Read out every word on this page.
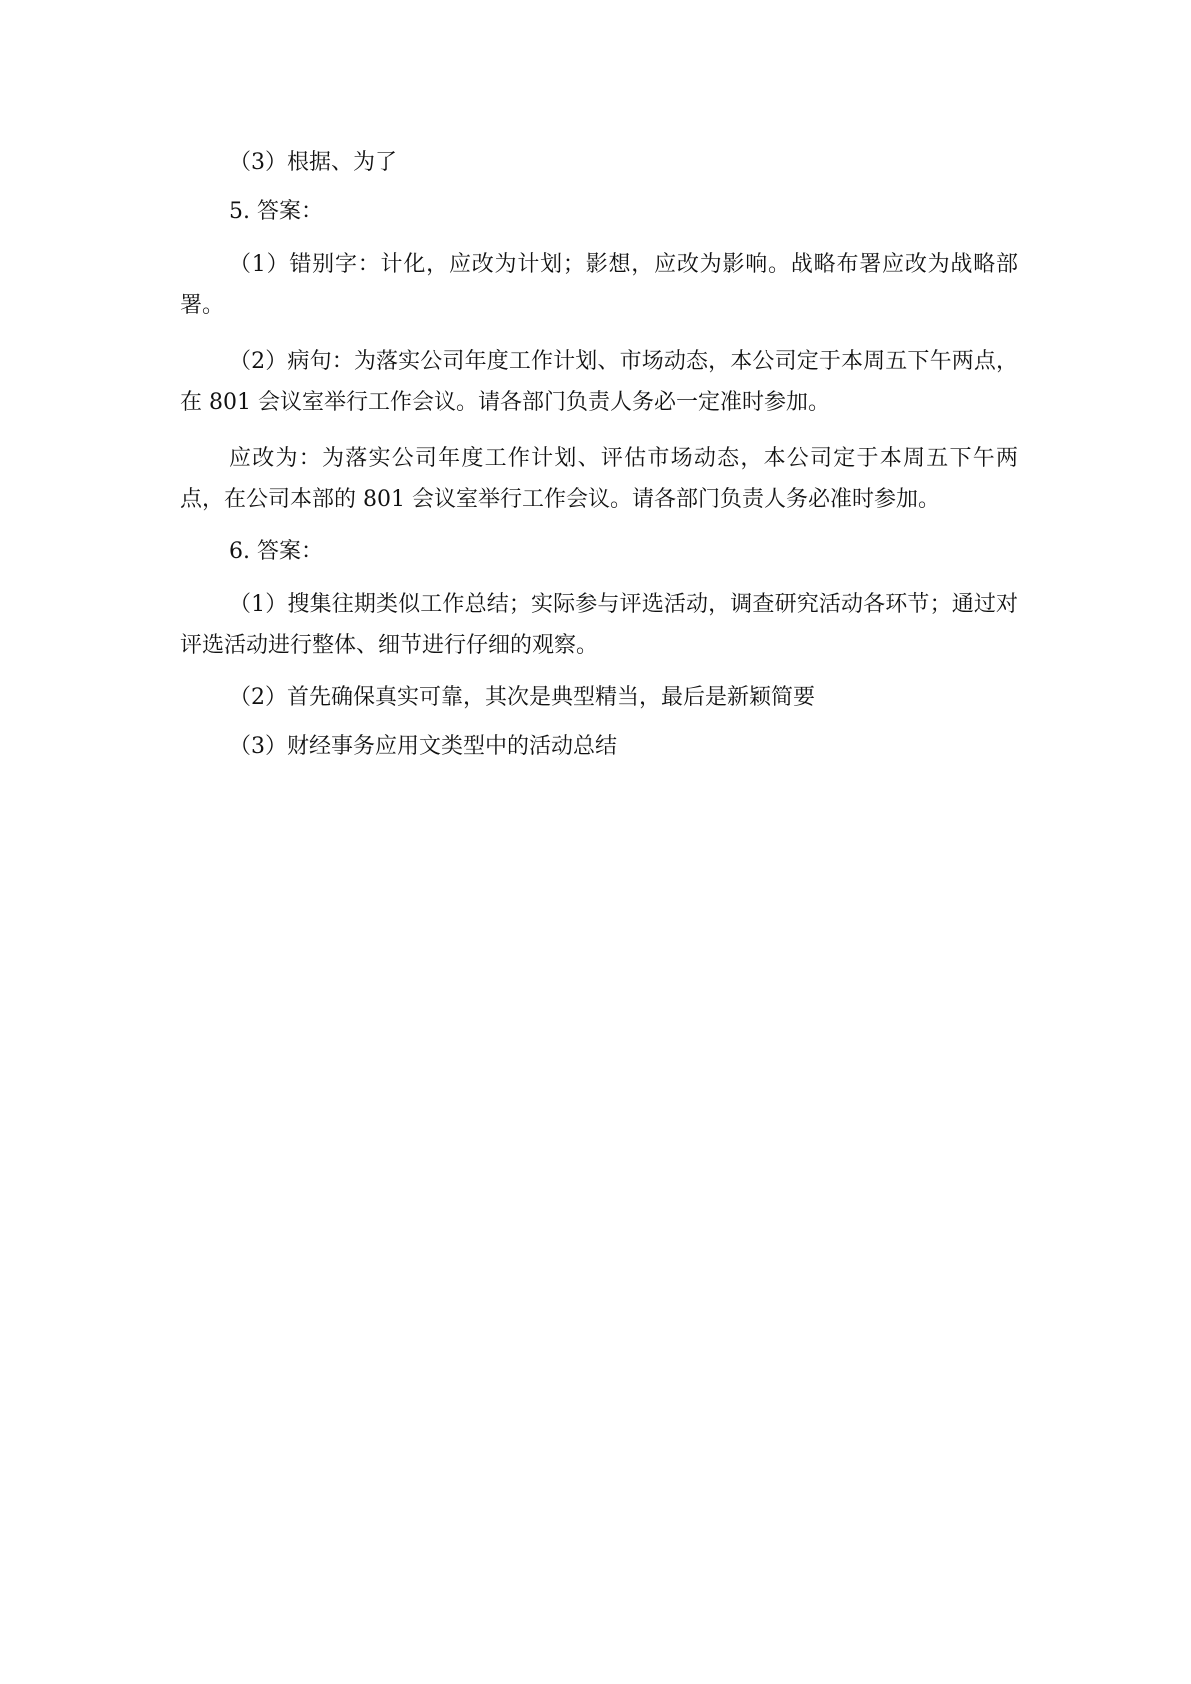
（3）根据、为了

5. 答案：

（1）错别字：计化，应改为计划；影想，应改为影响。战略布署应改为战略部署。

（2）病句：为落实公司年度工作计划、市场动态，本公司定于本周五下午两点，在 801 会议室举行工作会议。请各部门负责人务必一定准时参加。

应改为：为落实公司年度工作计划、评估市场动态，本公司定于本周五下午两点，在公司本部的 801 会议室举行工作会议。请各部门负责人务必准时参加。

6. 答案：

（1）搜集往期类似工作总结；实际参与评选活动，调查研究活动各环节；通过对评选活动进行整体、细节进行仔细的观察。

（2）首先确保真实可靠，其次是典型精当，最后是新颖简要

（3）财经事务应用文类型中的活动总结
